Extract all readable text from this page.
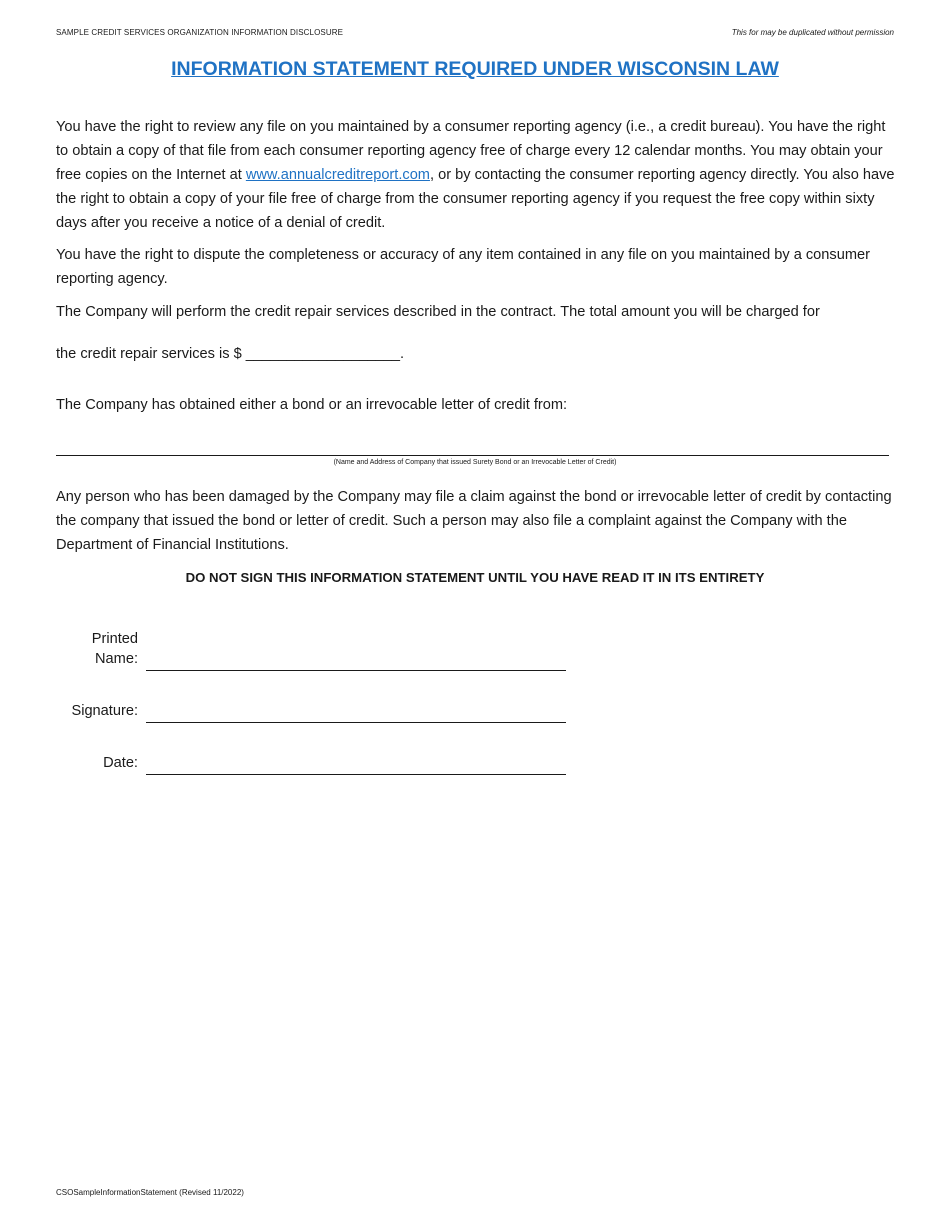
SAMPLE CREDIT SERVICES ORGANIZATION INFORMATION DISCLOSURE	This for may be duplicated without permission
INFORMATION STATEMENT REQUIRED UNDER WISCONSIN LAW

You have the right to review any file on you maintained by a consumer reporting agency (i.e., a credit bureau). You have the right to obtain a copy of that file from each consumer reporting agency free of charge every 12 calendar months. You may obtain your free copies on the Internet at www.annualcreditreport.com, or by contacting the consumer reporting agency directly. You also have the right to obtain a copy of your file free of charge from the consumer reporting agency if you request the free copy within sixty days after you receive a notice of a denial of credit.

You have the right to dispute the completeness or accuracy of any item contained in any file on you maintained by a consumer reporting agency.

The Company will perform the credit repair services described in the contract. The total amount you will be charged for

the credit repair services is $ ___________________.

The Company has obtained either a bond or an irrevocable letter of credit from:

(Name and Address of Company that issued Surety Bond or an Irrevocable Letter of Credit)

Any person who has been damaged by the Company may file a claim against the bond or irrevocable letter of credit by contacting the company that issued the bond or letter of credit. Such a person may also file a complaint against the Company with the Department of Financial Institutions.

DO NOT SIGN THIS INFORMATION STATEMENT UNTIL YOU HAVE READ IT IN ITS ENTIRETY
Printed
Name:
Signature:
Date:
CSOSampleInformationStatement (Revised 11/2022)
